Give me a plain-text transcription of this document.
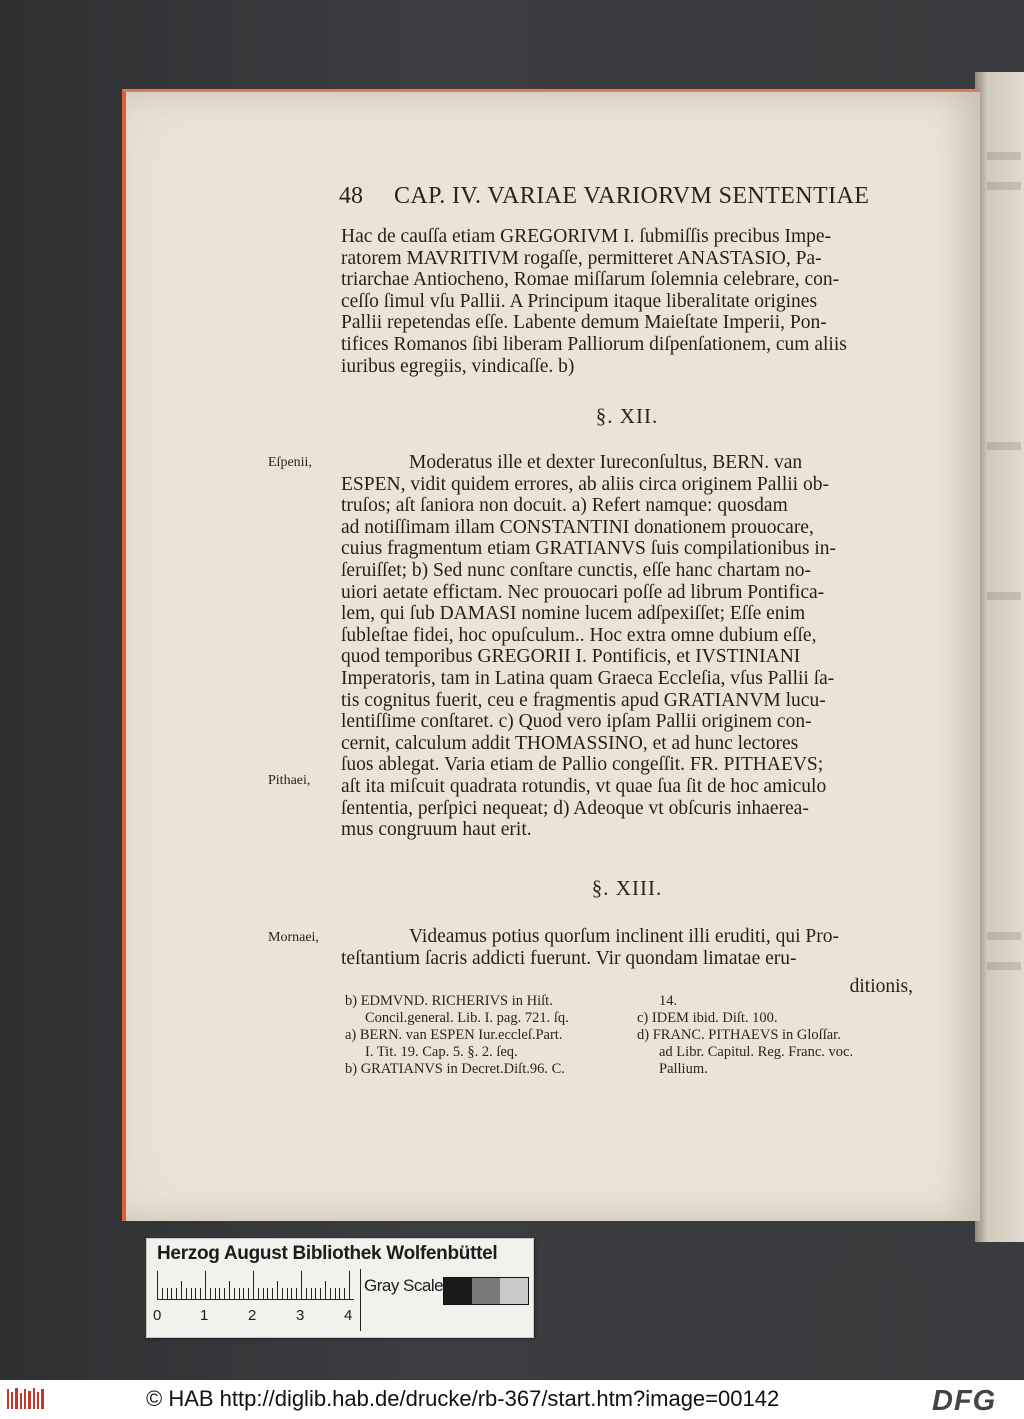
48 CAP. IV. VARIAE VARIORVM SENTENTIAE

Hac de cauſſa etiam GREGORIVM I. ſubmiſſis precibus Impe-

ratorem MAVRITIVM rogaſſe, permitteret ANASTASIO, Pa-

triarchae Antiocheno, Romae miſſarum ſolemnia celebrare, con-

ceſſo ſimul vſu Pallii. A Principum itaque liberalitate origines

Pallii repetendas eſſe. Labente demum Maieſtate Imperii, Pon-

tifices Romanos ſibi liberam Palliorum diſpenſationem, cum aliis

iuribus egregiis, vindicaſſe. b)

§. XII.
Eſpenii,
Pithaei,

Moderatus ille et dexter Iureconſultus, BERN. van

ESPEN, vidit quidem errores, ab aliis circa originem Pallii ob-

truſos; aſt ſaniora non docuit. a) Refert namque: quosdam

ad notiſſimam illam CONSTANTINI donationem prouocare,

cuius fragmentum etiam GRATIANVS ſuis compilationibus in-

ſeruiſſet; b) Sed nunc conſtare cunctis, eſſe hanc chartam no-

uiori aetate effictam. Nec prouocari poſſe ad librum Pontifica-

lem, qui ſub DAMASI nomine lucem adſpexiſſet; Eſſe enim

ſubleſtae fidei, hoc opuſculum.. Hoc extra omne dubium eſſe,

quod temporibus GREGORII I. Pontificis, et IVSTINIANI

Imperatoris, tam in Latina quam Graeca Eccleſia, vſus Pallii ſa-

tis cognitus fuerit, ceu e fragmentis apud GRATIANVM lucu-

lentiſſime conſtaret. c) Quod vero ipſam Pallii originem con-

cernit, calculum addit THOMASSINO, et ad hunc lectores

ſuos ablegat. Varia etiam de Pallio congeſſit. FR. PITHAEVS;

aſt ita miſcuit quadrata rotundis, vt quae ſua ſit de hoc amiculo

ſententia, perſpici nequeat; d) Adeoque vt obſcuris inhaerea-

mus congruum haut erit.

§. XIII.
Mornaei,	Videamus potius quorſum inclinent illi eruditi, qui Pro-

teſtantium ſacris addicti fuerunt. Vir quondam limatae eru-

ditionis,
b) EDMVND. RICHERIVS in Hiſt.
Concil.general. Lib. I. pag. 721. ſq.
a) BERN. van ESPEN Iur.eccleſ.Part.
I. Tit. 19. Cap. 5. §. 2. ſeq.
b) GRATIANVS in Decret.Diſt.96. C.
14.
c) IDEM ibid. Diſt. 100.
d) FRANC. PITHAEVS in Gloſſar.
ad Libr. Capitul. Reg. Franc. voc.
Pallium.
Herzog August Bibliothek Wolfenbüttel
0	1	2	3	4
Gray Scale
© HAB http://diglib.hab.de/drucke/rb-367/start.htm?image=00142	DFG
